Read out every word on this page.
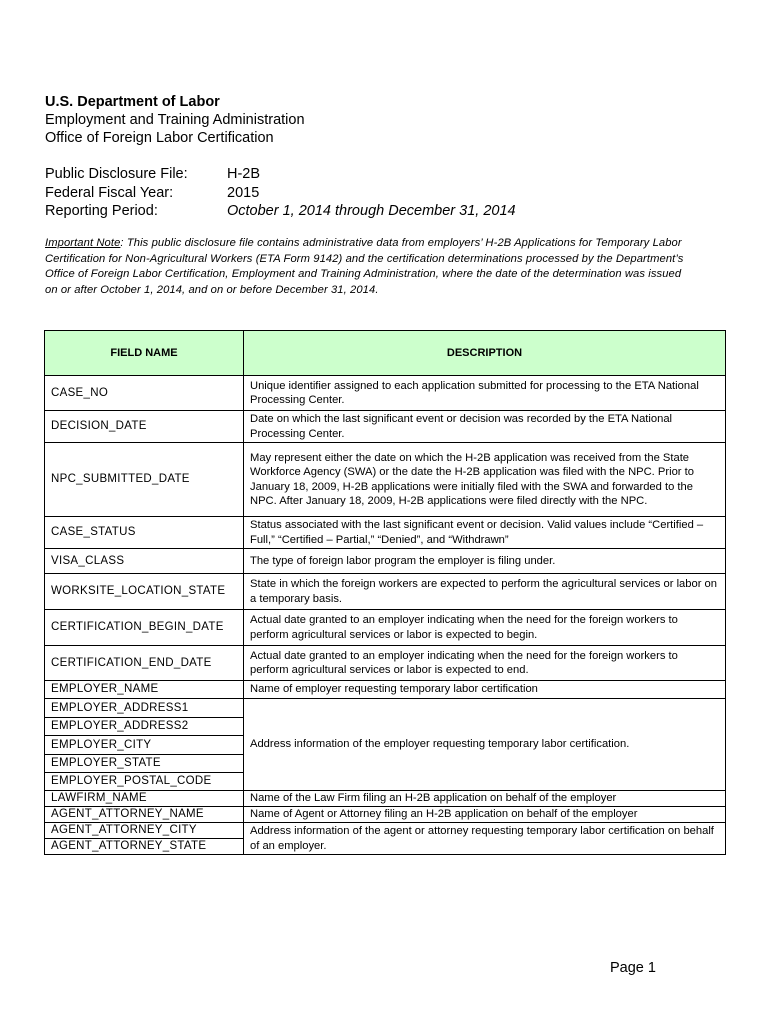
U.S. Department of Labor
Employment and Training Administration
Office of Foreign Labor Certification
Public Disclosure File:	H-2B
Federal Fiscal Year:	2015
Reporting Period:	October 1, 2014 through December 31, 2014
Important Note: This public disclosure file contains administrative data from employers’ H-2B Applications for Temporary Labor Certification for Non-Agricultural Workers (ETA Form 9142) and the certification determinations processed by the Department’s Office of Foreign Labor Certification, Employment and Training Administration, where the date of the determination was issued on or after October 1, 2014, and on or before December 31, 2014.
FIELD NAME	DESCRIPTION
CASE_NO	Unique identifier assigned to each application submitted for processing to the ETA National Processing Center.
DECISION_DATE	Date on which the last significant event or decision was recorded by the ETA National Processing Center.
NPC_SUBMITTED_DATE	May represent either the date on which the H-2B application was received from the State Workforce Agency (SWA) or the date the H-2B application was filed with the NPC. Prior to January 18, 2009, H-2B applications were initially filed with the SWA and forwarded to the NPC. After January 18, 2009, H-2B applications were filed directly with the NPC.
CASE_STATUS	Status associated with the last significant event or decision. Valid values include “Certified – Full,” “Certified – Partial,” “Denied”, and “Withdrawn”
VISA_CLASS	The type of foreign labor program the employer is filing under.
WORKSITE_LOCATION_STATE	State in which the foreign workers are expected to perform the agricultural services or labor on a temporary basis.
CERTIFICATION_BEGIN_DATE	Actual date granted to an employer indicating when the need for the foreign workers to perform agricultural services or labor is expected to begin.
CERTIFICATION_END_DATE	Actual date granted to an employer indicating when the need for the foreign workers to perform agricultural services or labor is expected to end.
EMPLOYER_NAME	Name of employer requesting temporary labor certification
EMPLOYER_ADDRESS1	Address information of the employer requesting temporary labor certification.
EMPLOYER_ADDRESS2	
EMPLOYER_CITY	
EMPLOYER_STATE	
EMPLOYER_POSTAL_CODE	
LAWFIRM_NAME	Name of the Law Firm filing an H-2B application on behalf of the employer
AGENT_ATTORNEY_NAME	Name of Agent or Attorney filing an H-2B application on behalf of the employer
AGENT_ATTORNEY_CITY	Address information of the agent or attorney requesting temporary labor certification on behalf of an employer.
AGENT_ATTORNEY_STATE	
Page 1
